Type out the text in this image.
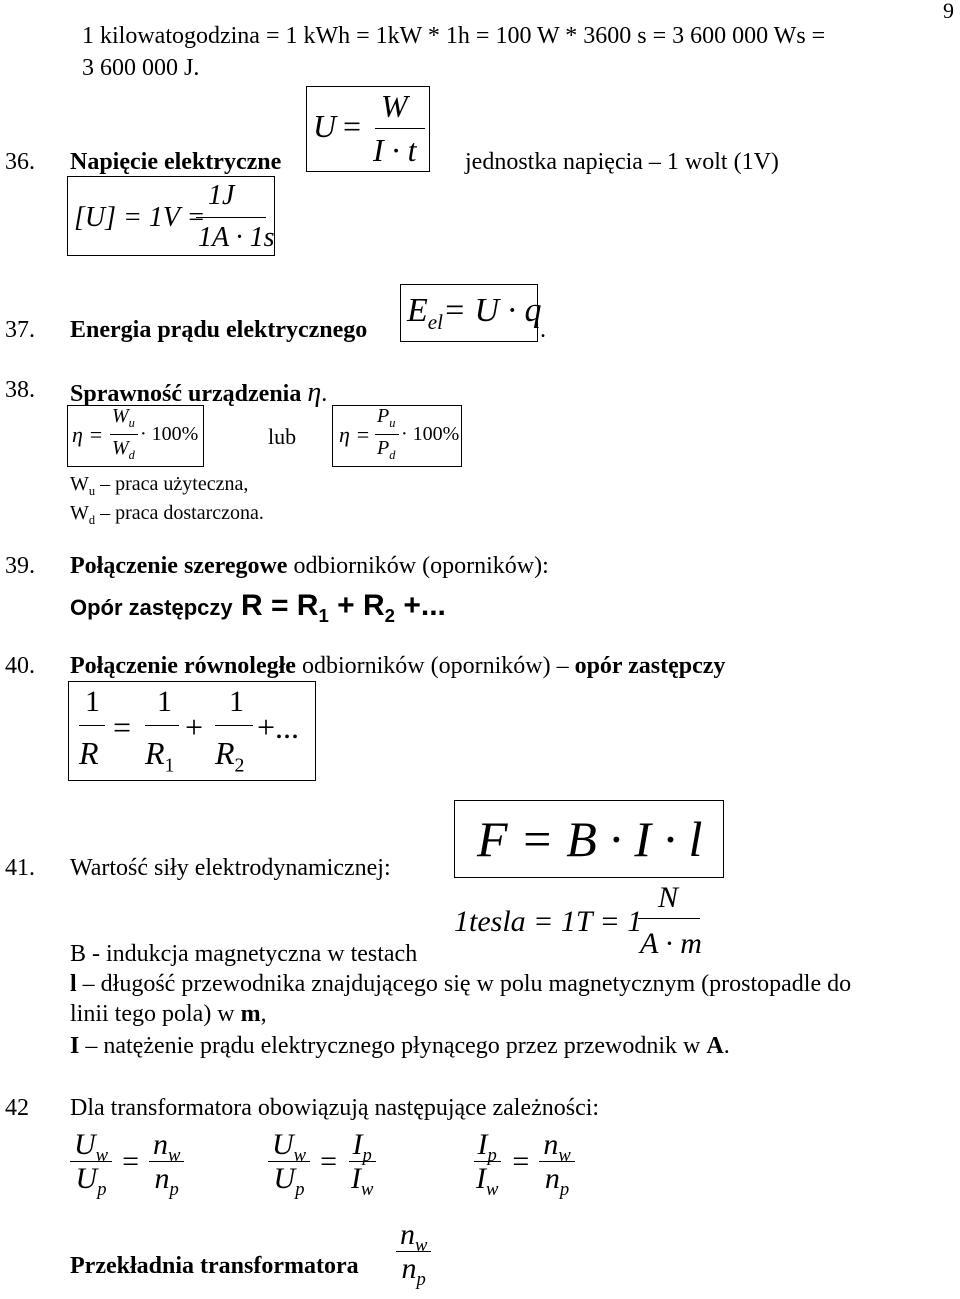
9
1 kilowatogodzina = 1 kWh = 1kW * 1h = 100 W * 3600 s = 3 600 000 Ws =
3 600 000 J.
36. Napięcie elektryczne
U =
W
I · t jednostka napięcia – 1 wolt (1V)
[U] = 1V =
1J
1A · 1s
37. Energia prądu elektrycznego
$E_{el}= U \cdot q$
.
38. Sprawność urządzenia η.
η =
$W_u$
$W_d$
· 100%	lub η =
$P_u$
$P_d$
· 100%
$W_u$ – praca użyteczna,
$W_d$ – praca dostarczona.
39. Połączenie szeregowe odbiorników (oporników):
Opór zastępczy $R = R_1 + R_2$ +...
40. Połączenie równoległe odbiorników (oporników) – opór zastępczy
1
R
=
1
$R_1$
+
1
$R_2$
+...
41. Wartość siły elektrodynamicznej:
F = B · I · l
1tesla = 1T = 1
N
A · m
B - indukcja magnetyczna w testach
l – długość przewodnika znajdującego się w polu magnetycznym (prostopadle do
linii tego pola) w m,
I – natężenie prądu elektrycznego płynącego przez przewodnik w A.
42 Dla transformatora obowiązują następujące zależności:
$\frac{U_w}{U_p} = \frac{n_w}{n_p}$	$\frac{U_w}{U_p} = \frac{I_p}{I_w}$	$\frac{I_p}{I_w} = \frac{n_w}{n_p}$
Przekładnia transformatora $\frac{n_w}{n_p}$
